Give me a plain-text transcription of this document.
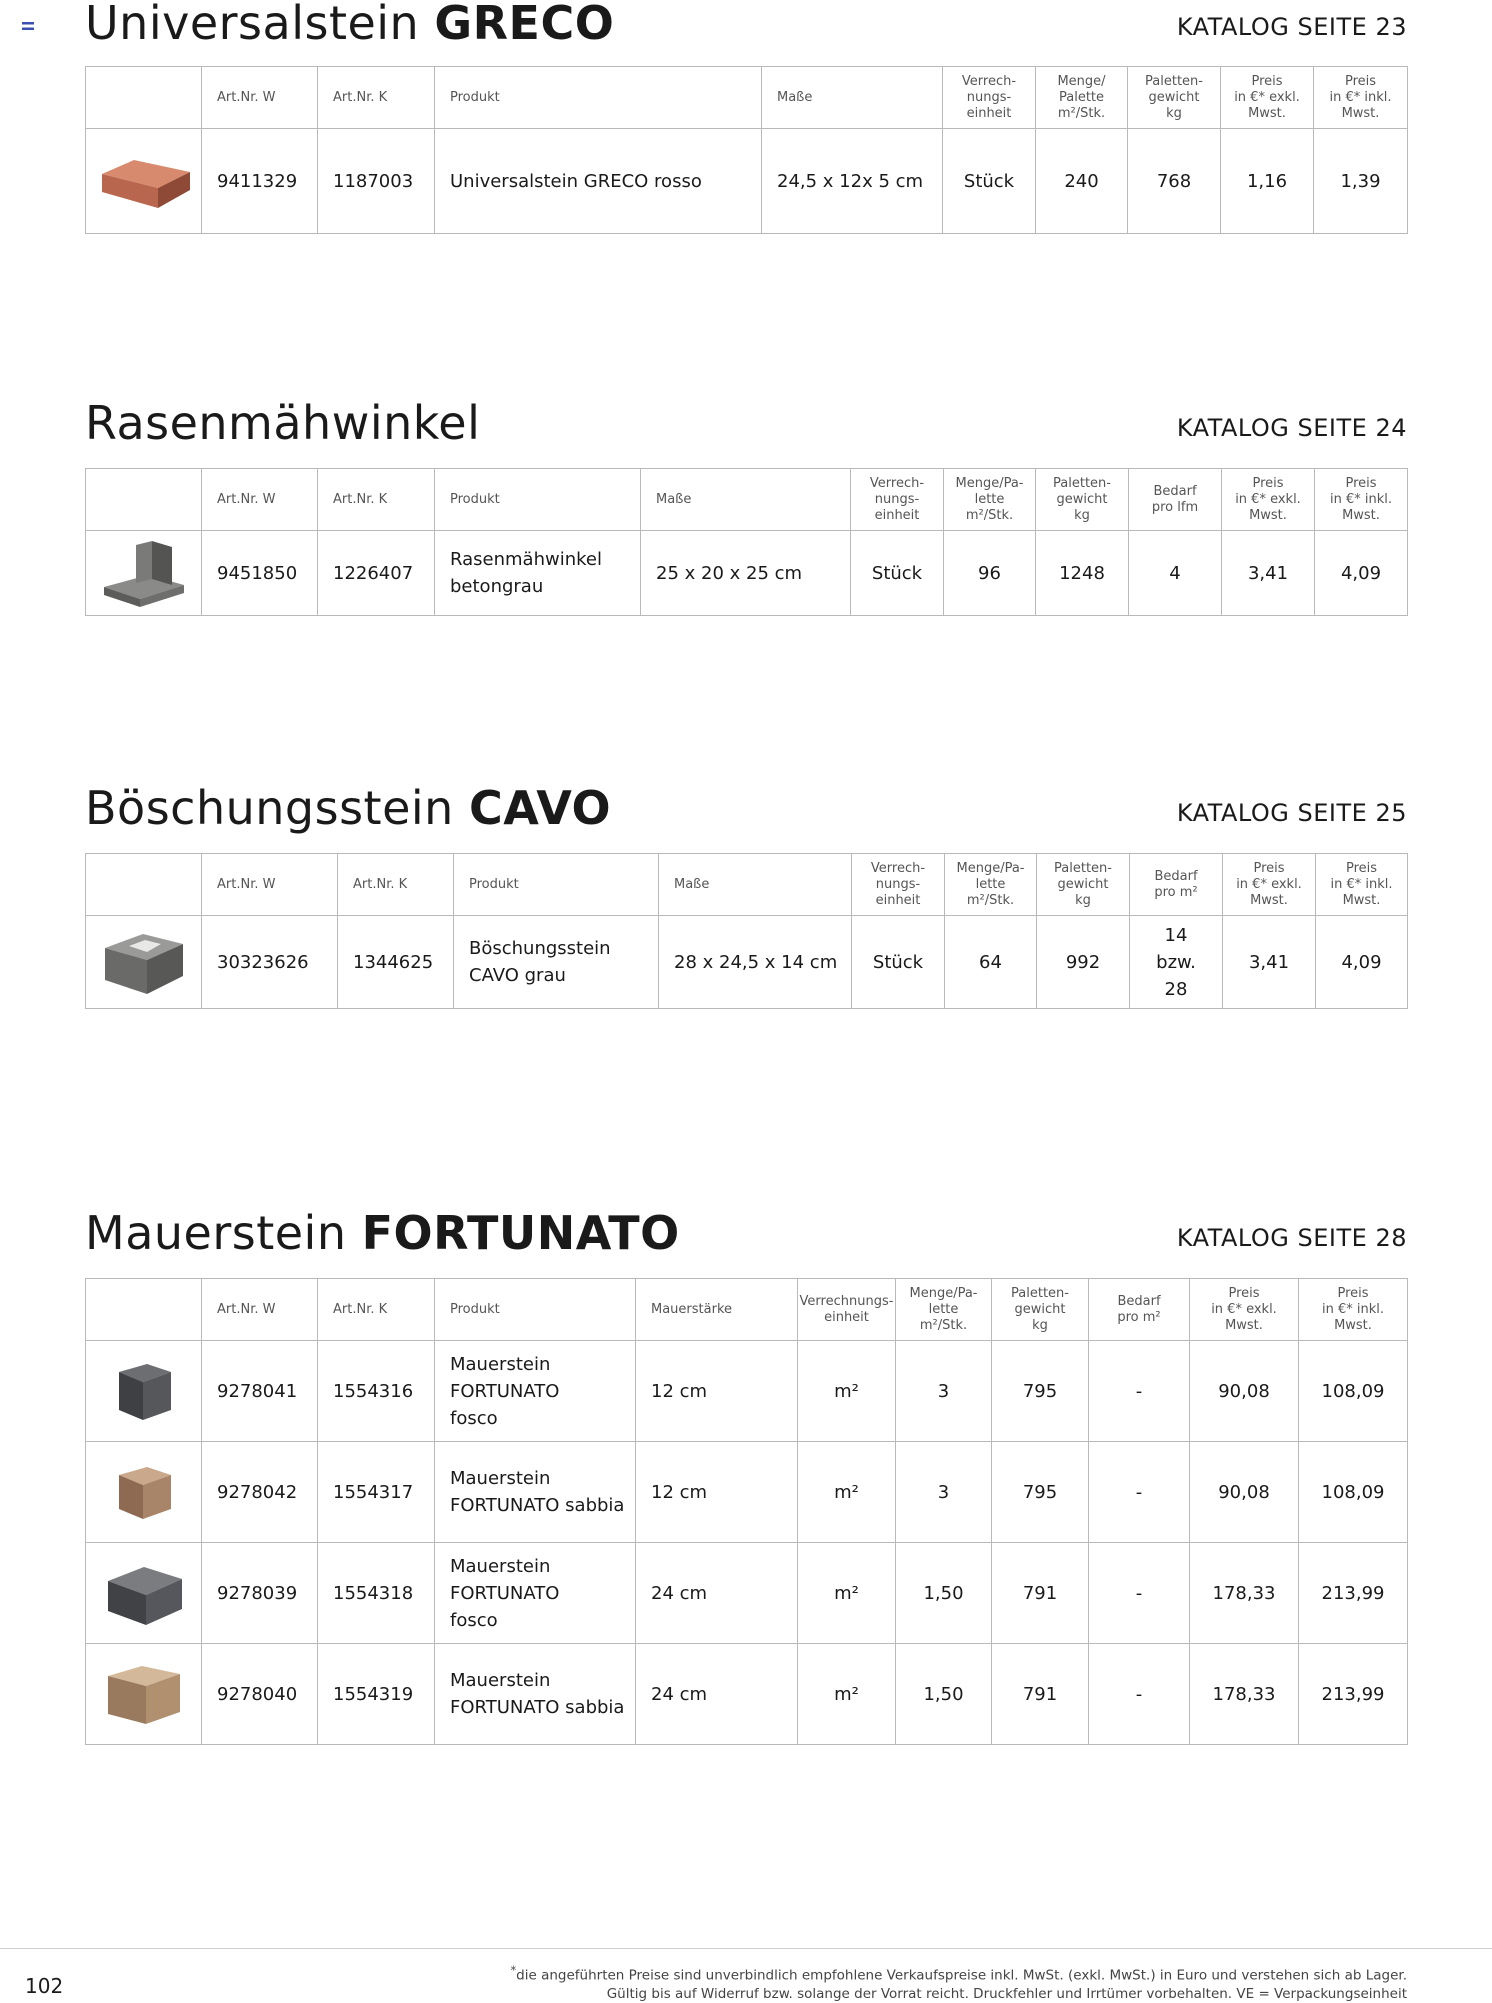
Universalstein GRECO	KATALOG SEITE 23
	Art.Nr. W	Art.Nr. K	Produkt	Maße	Verrech-
nungs-
einheit	Menge/
Palette
m²/Stk.	Paletten-
gewicht
kg	Preis
in €* exkl.
Mwst.	Preis
in €* inkl.
Mwst.

	9411329	1187003	Universalstein GRECO rosso	24,5 x 12x 5 cm	Stück	240	768	1,16	1,39
Rasenmähwinkel	KATALOG SEITE 24
	Art.Nr. W	Art.Nr. K	Produkt	Maße	Verrech-
nungs-
einheit	Menge/Pa-
lette
m²/Stk.	Paletten-
gewicht
kg	Bedarf
pro lfm	Preis
in €* exkl.
Mwst.	Preis
in €* inkl.
Mwst.

	9451850	1226407	Rasenmähwinkel
betongrau	25 x 20 x 25 cm	Stück	96	1248	4	3,41	4,09
Böschungsstein CAVO	KATALOG SEITE 25
	Art.Nr. W	Art.Nr. K	Produkt	Maße	Verrech-
nungs-
einheit	Menge/Pa-
lette
m²/Stk.	Paletten-
gewicht
kg	Bedarf
pro m²	Preis
in €* exkl.
Mwst.	Preis
in €* inkl.
Mwst.

	30323626	1344625	Böschungsstein
CAVO grau	28 x 24,5 x 14 cm	Stück	64	992	14
bzw.
28	3,41	4,09
Mauerstein FORTUNATO	KATALOG SEITE 28
	Art.Nr. W	Art.Nr. K	Produkt	Mauerstärke	Verrechnungs-
einheit	Menge/Pa-
lette
m²/Stk.	Paletten-
gewicht
kg	Bedarf
pro m²	Preis
in €* exkl.
Mwst.	Preis
in €* inkl.
Mwst.

	9278041	1554316	Mauerstein
FORTUNATO
fosco	12 cm	m²	3	795	-	90,08	108,09

	9278042	1554317	Mauerstein
FORTUNATO sabbia	12 cm	m²	3	795	-	90,08	108,09

	9278039	1554318	Mauerstein
FORTUNATO
fosco	24 cm	m²	1,50	791	-	178,33	213,99

	9278040	1554319	Mauerstein
FORTUNATO sabbia	24 cm	m²	1,50	791	-	178,33	213,99
102
*die angeführten Preise sind unverbindlich empfohlene Verkaufspreise inkl. MwSt. (exkl. MwSt.) in Euro und verstehen sich ab Lager.
Gültig bis auf Widerruf bzw. solange der Vorrat reicht. Druckfehler und Irrtümer vorbehalten. VE = Verpackungseinheit
